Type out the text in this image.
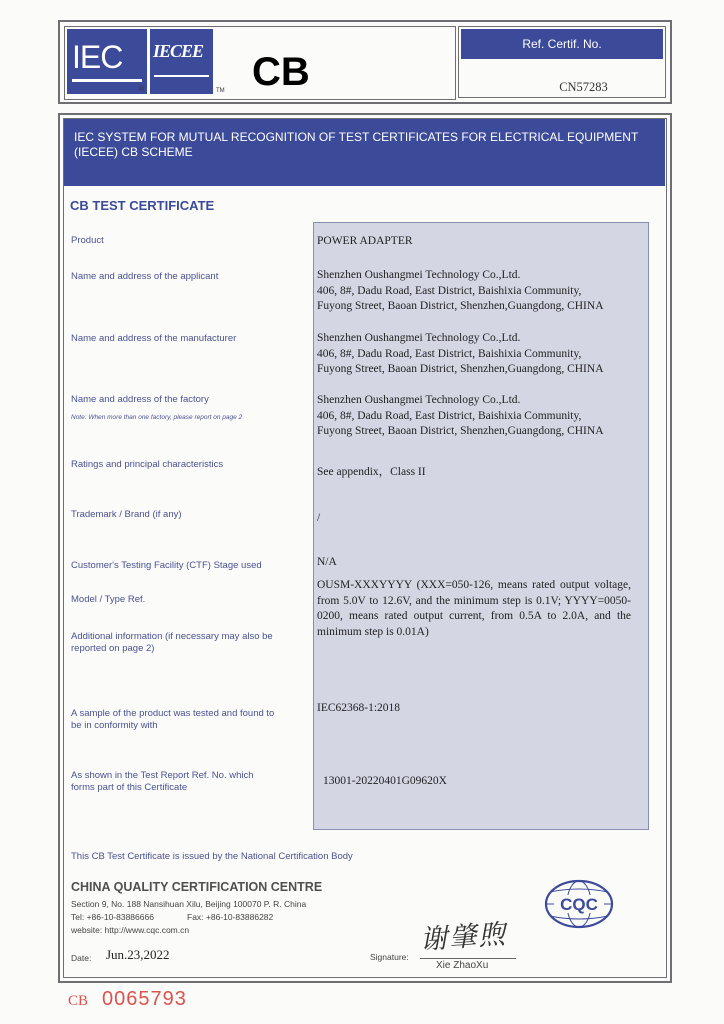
IEC
®
IECEE
TM CB
Ref. Certif. No.
CN57283
IEC SYSTEM FOR MUTUAL RECOGNITION OF TEST CERTIFICATES FOR ELECTRICAL EQUIPMENT (IECEE) CB SCHEME
CB TEST CERTIFICATE
Product
Name and address of the applicant
Name and address of the manufacturer
Name and address of the factory
Note: When more than one factory, please report on page 2
Ratings and principal characteristics
Trademark / Brand (if any)
Customer's Testing Facility (CTF) Stage used
Model / Type Ref.
Additional information (if necessary may also be reported on page 2)
A sample of the product was tested and found to be in conformity with
As shown in the Test Report Ref. No. which forms part of this Certificate
POWER ADAPTER
Shenzhen Oushangmei Technology Co.,Ltd.
406, 8#, Dadu Road, East District, Baishixia Community,
Fuyong Street, Baoan District, Shenzhen,Guangdong, CHINA
Shenzhen Oushangmei Technology Co.,Ltd.
406, 8#, Dadu Road, East District, Baishixia Community,
Fuyong Street, Baoan District, Shenzhen,Guangdong, CHINA
Shenzhen Oushangmei Technology Co.,Ltd.
406, 8#, Dadu Road, East District, Baishixia Community,
Fuyong Street, Baoan District, Shenzhen,Guangdong, CHINA
See appendix，Class II
/
N/A
OUSM-XXXYYYY (XXX=050-126, means rated output voltage, from 5.0V to 12.6V, and the minimum step is 0.1V; YYYY=0050-0200, means rated output current, from 0.5A to 2.0A, and the minimum step is 0.01A)
IEC62368-1:2018
13001-20220401G09620X
This CB Test Certificate is issued by the National Certification Body
CHINA QUALITY CERTIFICATION CENTRE
Section 9, No. 188 Nansihuan Xilu, Beijing 100070 P. R. China
Tel: +86-10-83886666	Fax: +86-10-83886282
website: http://www.cqc.com.cn
CQC
Date: Jun.23,2022	Signature:
谢肇煦
Xie ZhaoXu
CB 0065793
